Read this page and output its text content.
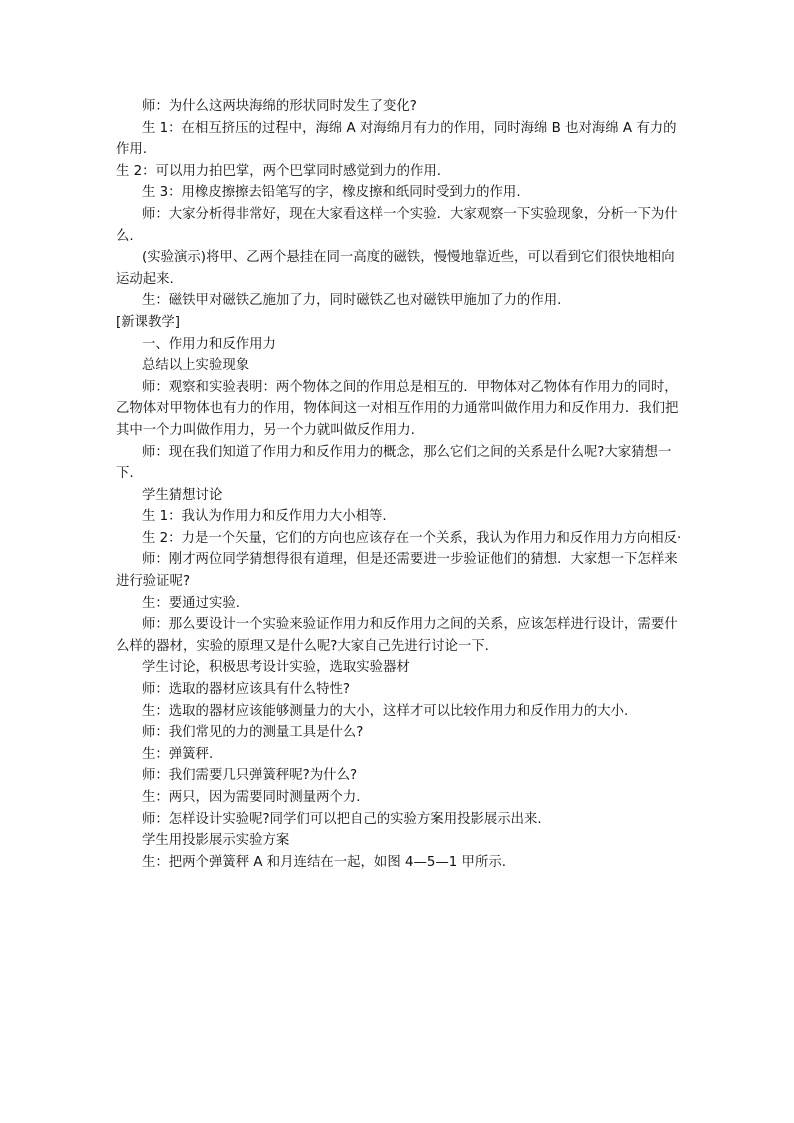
师：为什么这两块海绵的形状同时发生了变化?

生 1：在相互挤压的过程中，海绵 A 对海绵月有力的作用，同时海绵 B 也对海绵 A 有力的作用.

生 2：可以用力拍巴掌，两个巴掌同时感觉到力的作用.

生 3：用橡皮擦擦去铅笔写的字，橡皮擦和纸同时受到力的作用.

师：大家分析得非常好，现在大家看这样一个实验．大家观察一下实验现象，分析一下为什么.

(实验演示)将甲、乙两个悬挂在同一高度的磁铁，慢慢地靠近些，可以看到它们很快地相向运动起来.

生：磁铁甲对磁铁乙施加了力，同时磁铁乙也对磁铁甲施加了力的作用.

[新课教学]

一、作用力和反作用力

总结以上实验现象

师：观察和实验表明：两个物体之间的作用总是相互的．甲物体对乙物体有作用力的同时，乙物体对甲物体也有力的作用，物体间这一对相互作用的力通常叫做作用力和反作用力．我们把其中一个力叫做作用力，另一个力就叫做反作用力.

师：现在我们知道了作用力和反作用力的概念，那么它们之间的关系是什么呢?大家猜想一下.

学生猜想讨论

生 1：我认为作用力和反作用力大小相等.

生 2：力是一个矢量，它们的方向也应该存在一个关系，我认为作用力和反作用力方向相反·

师：刚才两位同学猜想得很有道理，但是还需要进一步验证他们的猜想．大家想一下怎样来进行验证呢?

生：要通过实验.

师：那么要设计一个实验来验证作用力和反作用力之间的关系，应该怎样进行设计，需要什么样的器材，实验的原理又是什么呢?大家自己先进行讨论一下.

学生讨论，积极思考设计实验，选取实验器材

师：选取的器材应该具有什么特性?

生：选取的器材应该能够测量力的大小，这样才可以比较作用力和反作用力的大小.

师：我们常见的力的测量工具是什么?

生：弹簧秤.

师：我们需要几只弹簧秤呢?为什么?

生：两只，因为需要同时测量两个力.

师：怎样设计实验呢?同学们可以把自己的实验方案用投影展示出来.

学生用投影展示实验方案

生：把两个弹簧秤 A 和月连结在一起，如图 4—5—1 甲所示.
